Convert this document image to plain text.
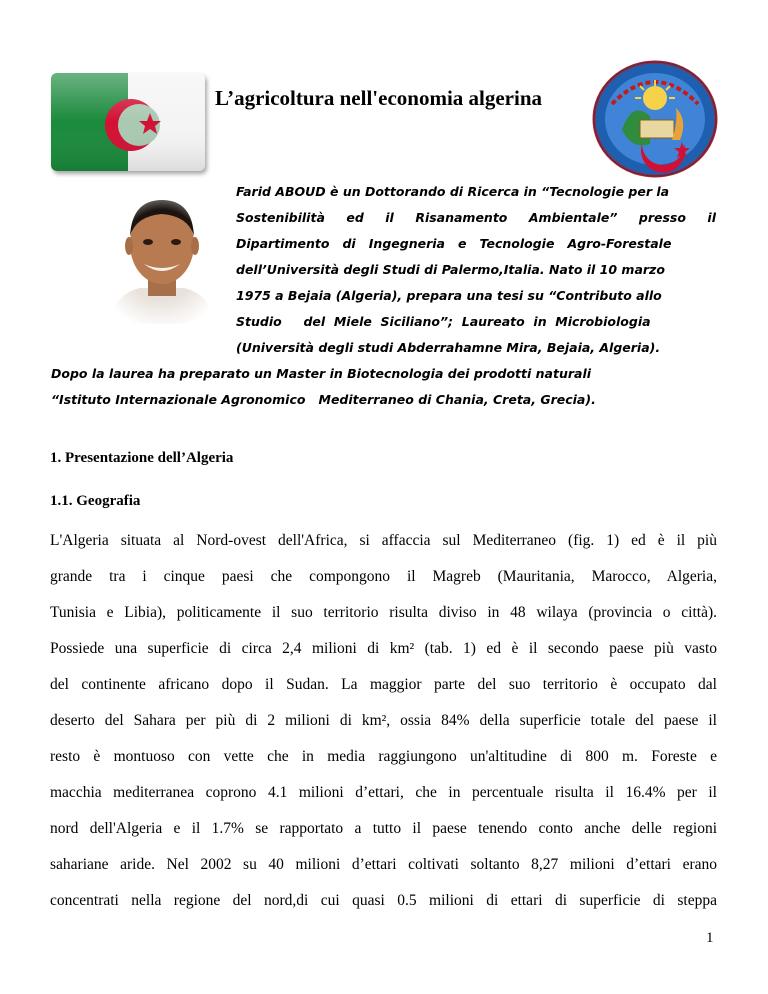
L’agricoltura nell'economia algerina
Farid ABOUD è un Dottorando di Ricerca in “Tecnologie per la
Sostenibilità   ed   il   Risanamento   Ambientale”   presso   il
Dipartimento   di   Ingegneria   e   Tecnologie   Agro-Forestale
dell’Università degli Studi di Palermo,Italia. Nato il 10 marzo
1975 a Bejaia (Algeria), prepara una tesi su “Contributo allo
Studio     del  Miele  Siciliano”;  Laureato  in  Microbiologia
(Università degli studi Abderrahamne Mira, Bejaia, Algeria).
Dopo la laurea ha preparato un Master in Biotecnologia dei prodotti naturali
“Istituto Internazionale Agronomico   Mediterraneo di Chania, Creta, Grecia).
1. Presentazione dell’Algeria
1.1. Geografia
L'Algeria situata al Nord-ovest dell'Africa, si affaccia sul Mediterraneo (fig. 1) ed è il più
grande tra i cinque paesi che compongono il Magreb (Mauritania, Marocco, Algeria,
Tunisia e Libia), politicamente il suo territorio risulta diviso in 48 wilaya (provincia o città).
Possiede una superficie di circa 2,4 milioni di km² (tab. 1) ed è il secondo paese più vasto
del continente africano dopo il Sudan. La maggior parte del suo territorio è occupato dal
deserto del Sahara per più di 2 milioni di km², ossia 84% della superficie totale del paese il
resto è montuoso con vette che in media raggiungono un'altitudine di 800 m. Foreste e
macchia mediterranea coprono 4.1 milioni d’ettari, che in percentuale risulta il 16.4% per il
nord dell'Algeria e il 1.7% se rapportato a tutto il paese tenendo conto anche delle regioni
sahariane aride. Nel 2002 su 40 milioni d’ettari coltivati soltanto 8,27 milioni d’ettari erano
concentrati nella regione del nord,di cui quasi 0.5 milioni di ettari di superficie di steppa
1
